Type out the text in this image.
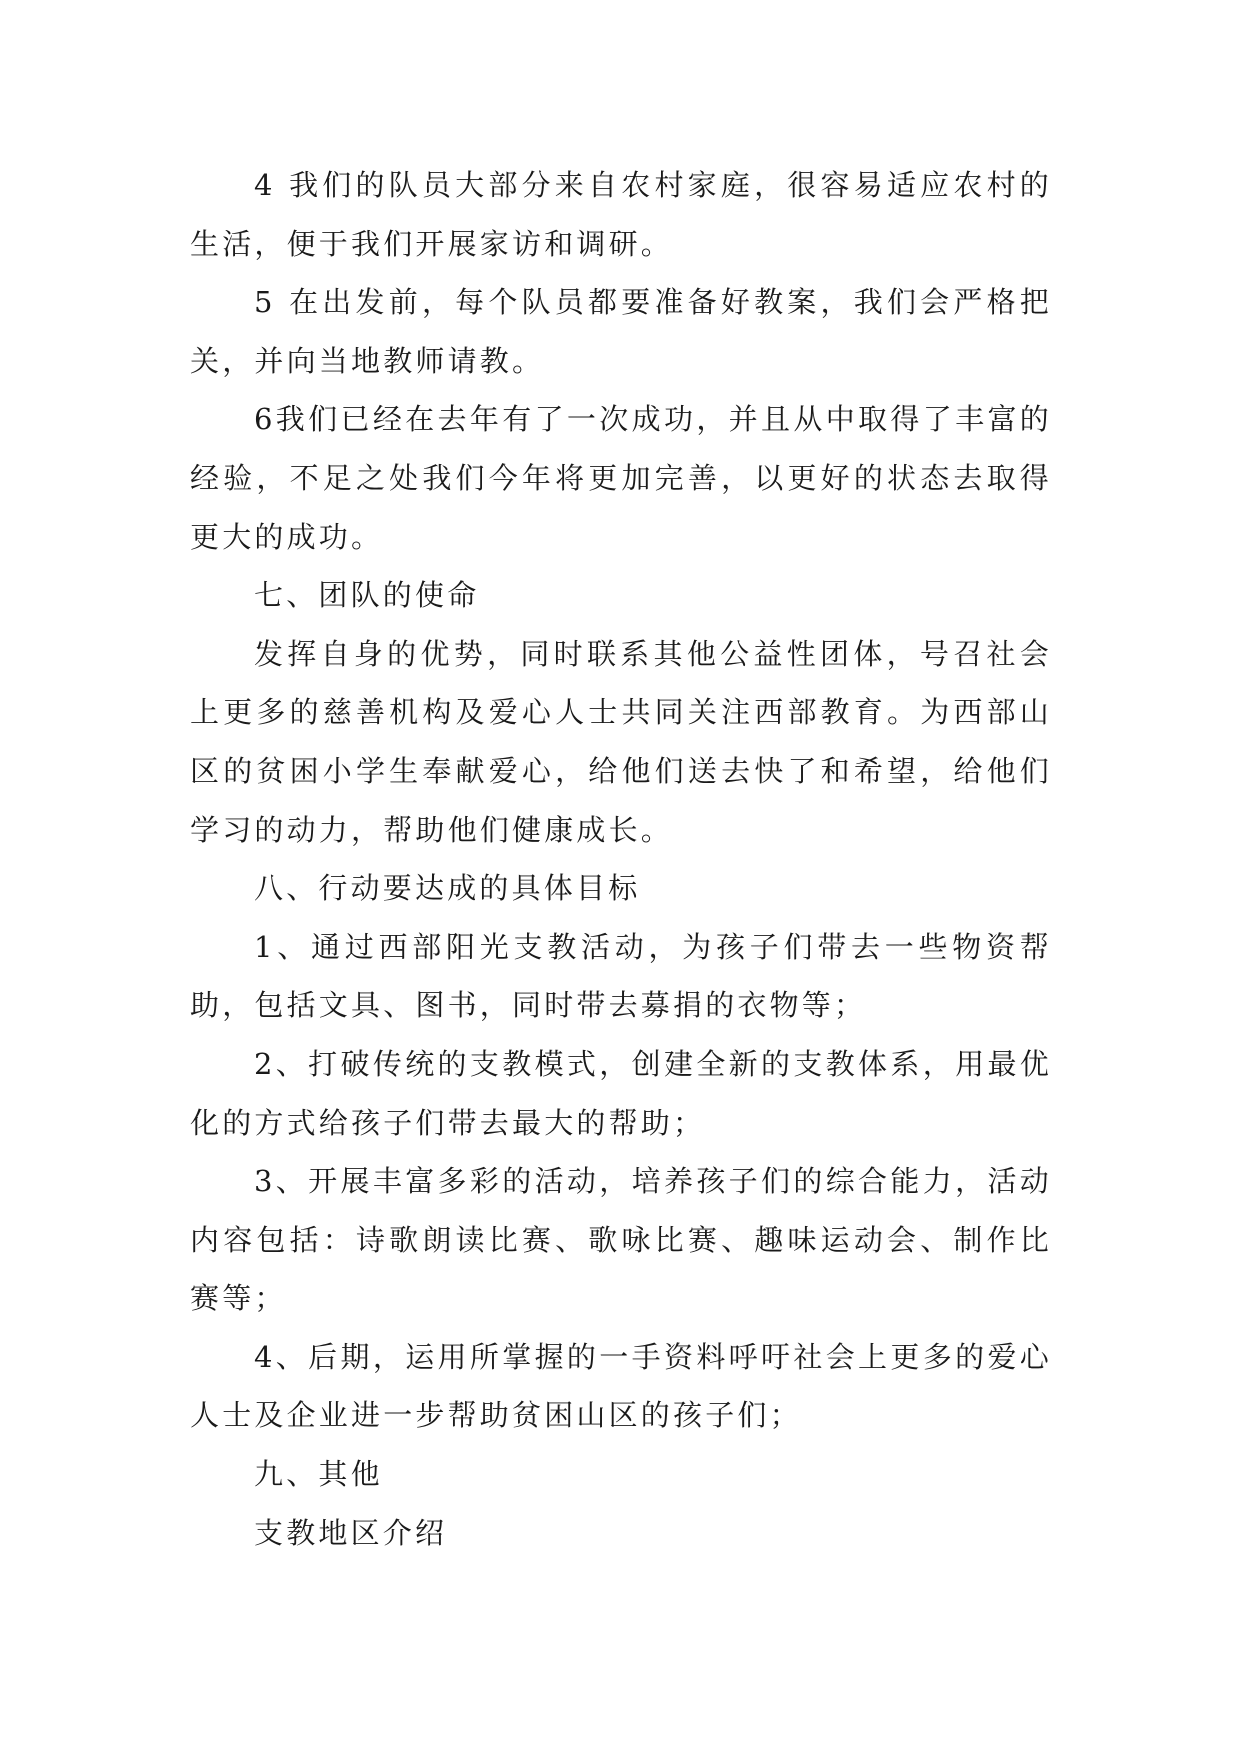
4 我们的队员大部分来自农村家庭，很容易适应农村的生活，便于我们开展家访和调研。

5 在出发前，每个队员都要准备好教案，我们会严格把关，并向当地教师请教。

6我们已经在去年有了一次成功，并且从中取得了丰富的经验，不足之处我们今年将更加完善，以更好的状态去取得更大的成功。

七、团队的使命

发挥自身的优势，同时联系其他公益性团体，号召社会上更多的慈善机构及爱心人士共同关注西部教育。为西部山区的贫困小学生奉献爱心，给他们送去快了和希望，给他们学习的动力，帮助他们健康成长。

八、行动要达成的具体目标

1、通过西部阳光支教活动，为孩子们带去一些物资帮助，包括文具、图书，同时带去募捐的衣物等；

2、打破传统的支教模式，创建全新的支教体系，用最优化的方式给孩子们带去最大的帮助；

3、开展丰富多彩的活动，培养孩子们的综合能力，活动内容包括：诗歌朗读比赛、歌咏比赛、趣味运动会、制作比赛等；

4、后期，运用所掌握的一手资料呼吁社会上更多的爱心人士及企业进一步帮助贫困山区的孩子们；

九、其他

支教地区介绍
